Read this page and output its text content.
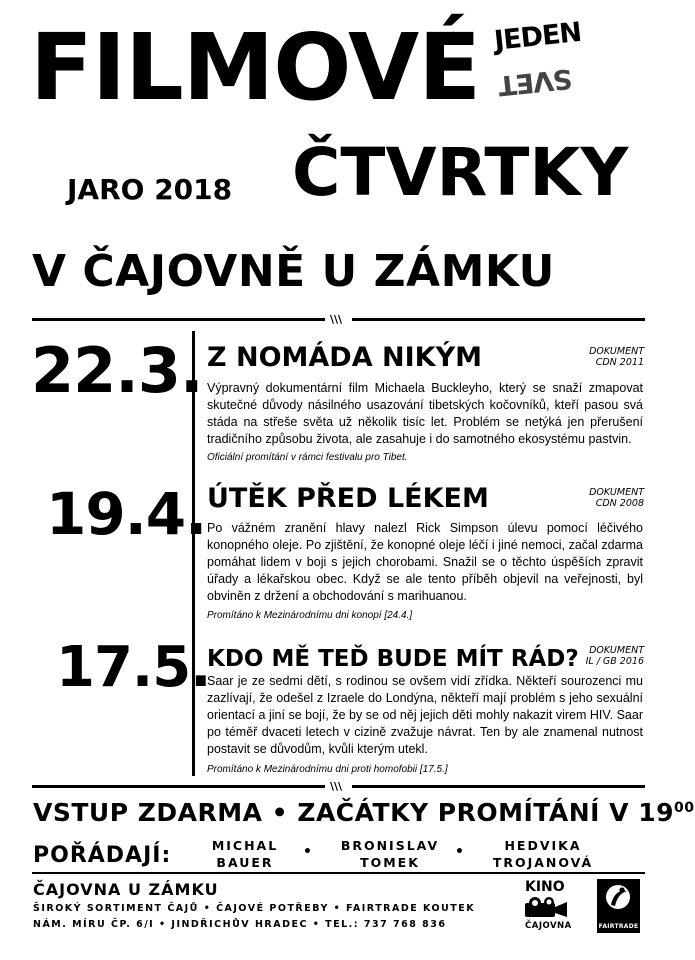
FILMOVÉ JEDEN
SVET
JARO 2018 ČTVRTKY
V ČAJOVNĚ U ZÁMKU
\\\
22.3. Z NOMÁDA NIKÝM	DOKUMENT
CDN 2011
Výpravný dokumentární film Michaela Buckleyho, který se snaží zmapovat skutečné důvody násilného usazování tibetských kočovníků, kteří pasou svá stáda na střeše světa už několik tisíc let. Problém se netýká jen přerušení tradičního způsobu života, ale zasahuje i do samotného ekosystému pastvin.
Oficiální promítání v rámci festivalu pro Tibet.
19.4. ÚTĚK PŘED LÉKEM	DOKUMENT
CDN 2008
Po vážném zranění hlavy nalezl Rick Simpson úlevu pomocí léčivého konopného oleje. Po zjištění, že konopné oleje léčí i jiné nemoci, začal zdarma pomáhat lidem v boji s jejich chorobami. Snažil se o těchto úspěších zpravit úřady a lékařskou obec. Když se ale tento příběh objevil na veřejnosti, byl obviněn z držení a obchodování s marihuanou.
Promítáno k Mezinárodnímu dni konopí [24.4.]
17.5.
KDO MĚ TEĎ BUDE MÍT RÁD?	DOKUMENT
IL / GB 2016
Saar je ze sedmi dětí, s rodinou se ovšem vidí zřídka. Někteří sourozenci mu zazlívají, že odešel z Izraele do Londýna, někteří mají problém s jeho sexuální orientací a jiní se bojí, že by se od něj jejich děti mohly nakazit virem HIV. Saar po téměř dvaceti letech v cizině zvažuje návrat. Ten by ale znamenal nutnost postavit se důvodům, kvůli kterým utekl.
Promítáno k Mezinárodnímu dni proti homofobii [17.5.]
\\\
VSTUP ZDARMA • ZAČÁTKY PROMÍTÁNÍ V $19^{00}$
POŘÁDAJÍ:	MICHAL
BAUER
•	BRONISLAV
TOMEK
•	HEDVIKA
TROJANOVÁ
ČAJOVNA U ZÁMKU
ŠIROKÝ SORTIMENT ČAJŮ • ČAJOVÉ POTŘEBY • FAIRTRADE KOUTEK
NÁM. MÍRU ČP. 6/I • JINDŘICHŮV HRADEC • TEL.: 737 768 836
KINO
ČAJOVNA	FAIRTRADE
